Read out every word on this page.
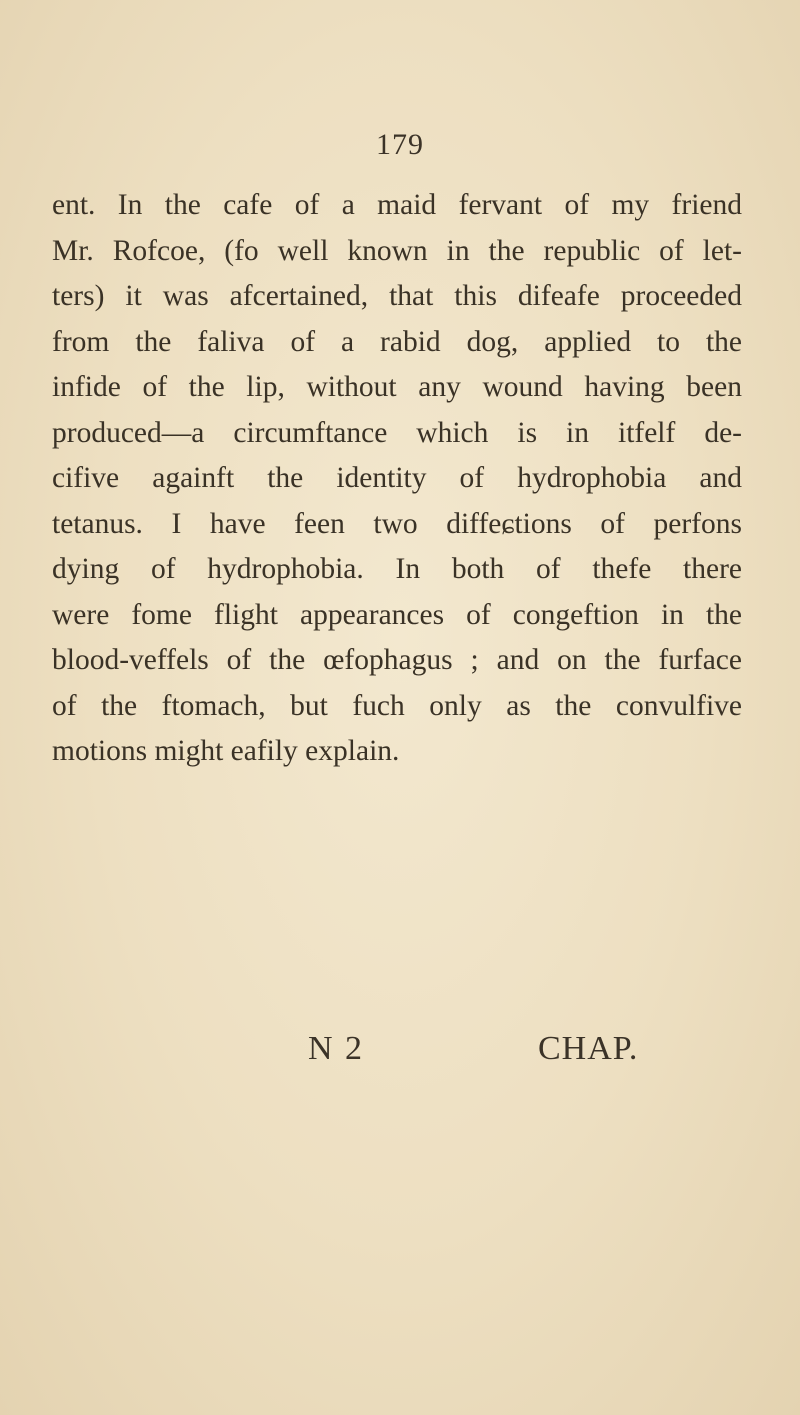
179
ent. In the cafe of a maid fervant of my friend
Mr. Rofcoe, (fo well known in the republic of let-
ters) it was afcertained, that this difeafe proceeded
from the faliva of a rabid dog, applied to the
infide of the lip, without any wound having been
produced—a circumftance which is in itfelf de-
cifive againft the identity of hydrophobia and
tetanus. I have feen two diffeɕtions of perfons
dying of hydrophobia. In both of thefe there
were fome flight appearances of congeftion in the
blood-veffels of the œfophagus ; and on the furface
of the ftomach, but fuch only as the convulfive
motions might eafily explain.
N 2	CHAP.
